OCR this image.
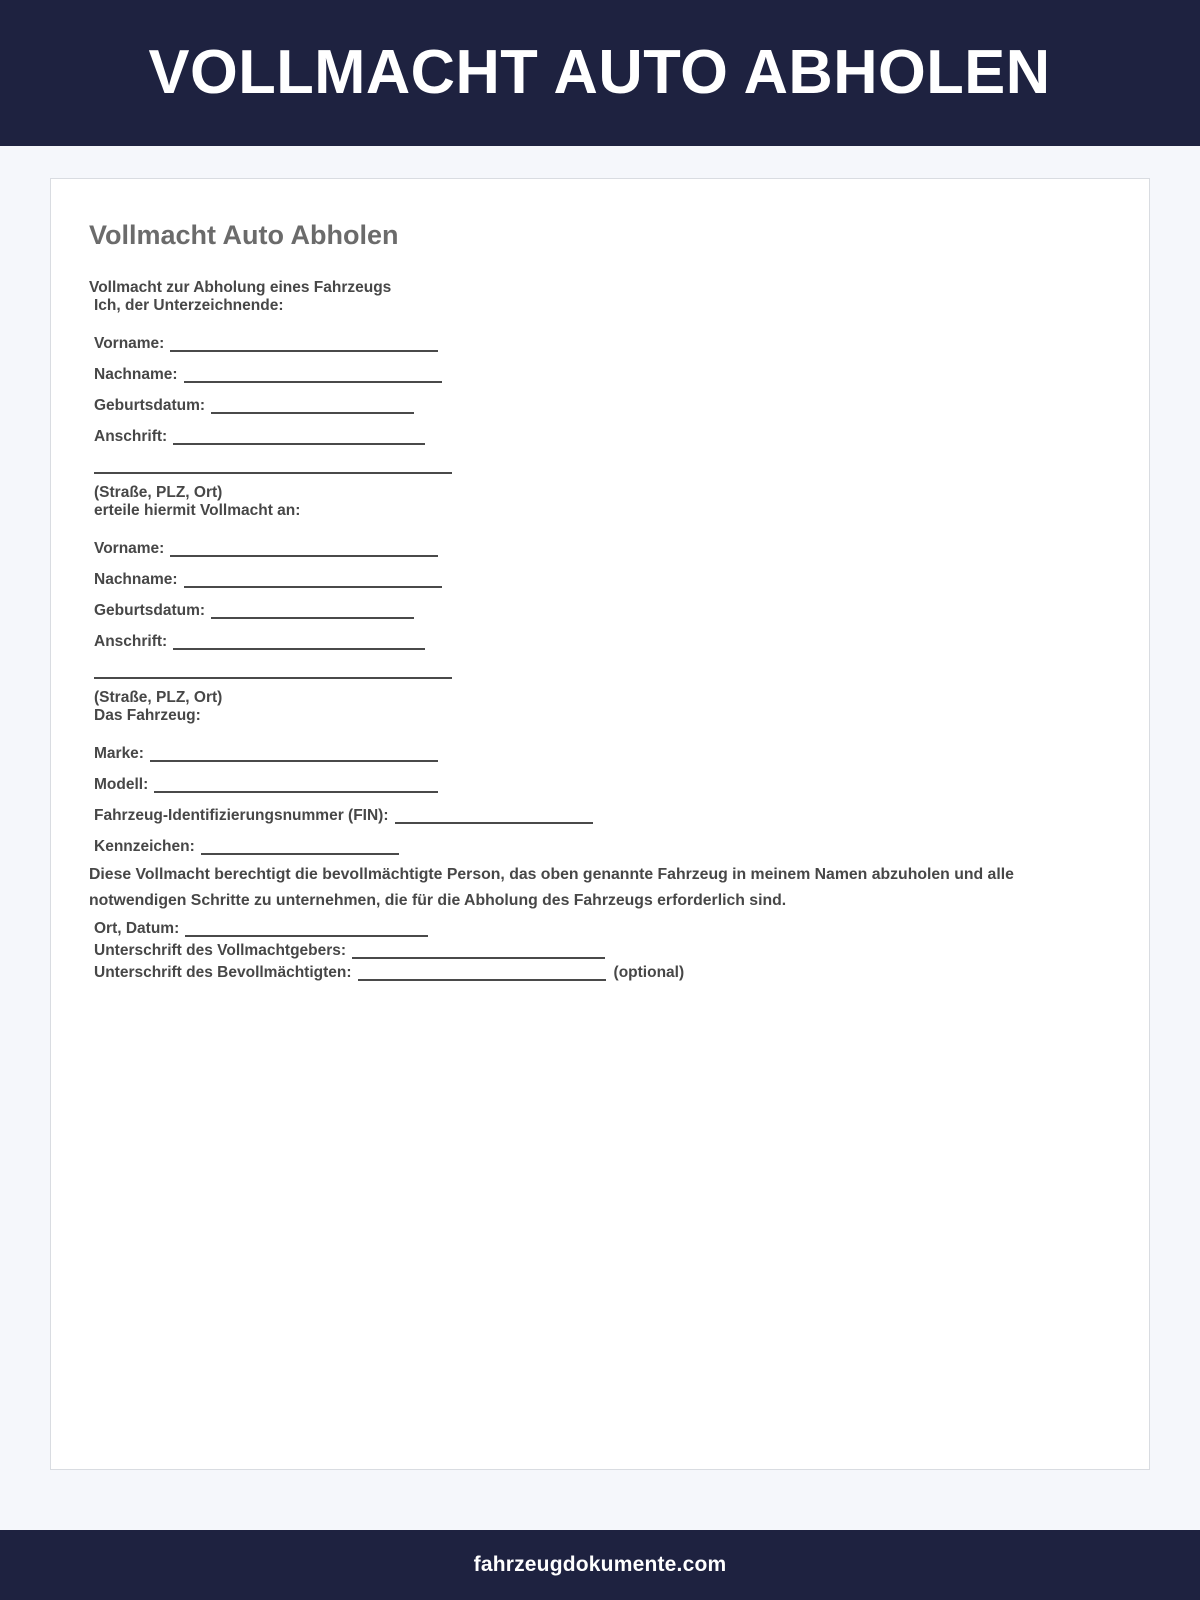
VOLLMACHT AUTO ABHOLEN
Vollmacht Auto Abholen
Vollmacht zur Abholung eines Fahrzeugs
Ich, der Unterzeichnende:
Vorname:
Nachname:
Geburtsdatum:
Anschrift:
(Straße, PLZ, Ort)
erteile hiermit Vollmacht an:
Vorname:
Nachname:
Geburtsdatum:
Anschrift:
(Straße, PLZ, Ort)
Das Fahrzeug:
Marke:
Modell:
Fahrzeug-Identifizierungsnummer (FIN):
Kennzeichen:

Diese Vollmacht berechtigt die bevollmächtigte Person, das oben genannte Fahrzeug in meinem Namen abzuholen und alle notwendigen Schritte zu unternehmen, die für die Abholung des Fahrzeugs erforderlich sind.

Ort, Datum:
Unterschrift des Vollmachtgebers:
Unterschrift des Bevollmächtigten:	(optional)
fahrzeugdokumente.com
